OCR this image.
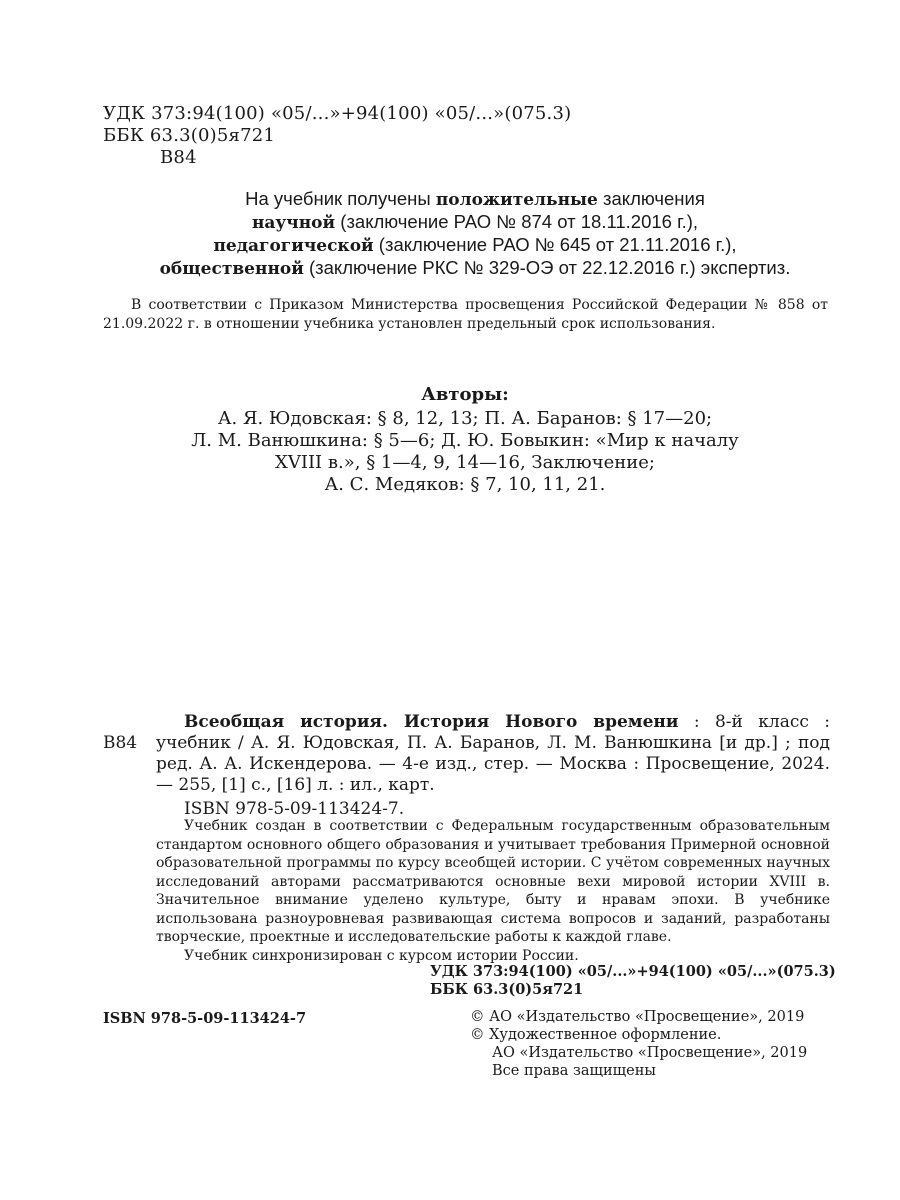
УДК 373:94(100) «05/...»+94(100) «05/...»(075.3)

ББК 63.3(0)5я721

В84

На учебник получены положительные заключения

научной (заключение РАО № 874 от 18.11.2016 г.),

педагогической (заключение РАО № 645 от 21.11.2016 г.),

общественной (заключение РКС № 329-ОЭ от 22.12.2016 г.) экспертиз.

В соответствии с Приказом Министерства просвещения Российской Федерации № 858 от 21.09.2022 г. в отношении учебника установлен предельный срок использования.

Авторы:

А. Я. Юдовская: § 8, 12, 13; П. А. Баранов: § 17—20;

Л. М. Ванюшкина: § 5—6; Д. Ю. Бовыкин: «Мир к началу

XVIII в.», § 1—4, 9, 14—16, Заключение;

А. С. Медяков: § 7, 10, 11, 21.

В84

Всеобщая история. История Нового времени : 8-й класс : учебник / А. Я. Юдовская, П. А. Баранов, Л. М. Ванюшкина [и др.] ; под ред. А. А. Искендерова. — 4-е изд., стер. — Москва : Просвещение, 2024. — 255, [1] с., [16] л. : ил., карт.

ISBN 978-5-09-113424-7.

Учебник создан в соответствии с Федеральным государственным образовательным стандартом основного общего образования и учитывает требования Примерной основной образовательной программы по курсу всеобщей истории. С учётом современных научных исследований авторами рассматриваются основные вехи мировой истории XVIII в. Значительное внимание уделено культуре, быту и нравам эпохи. В учебнике использована разноуровневая развивающая система вопросов и заданий, разработаны творческие, проектные и исследовательские работы к каждой главе.

Учебник синхронизирован с курсом истории России.

УДК 373:94(100) «05/...»+94(100) «05/...»(075.3)

ББК 63.3(0)5я721

ISBN 978-5-09-113424-7	© АО «Издательство «Просвещение», 2019

© Художественное оформление.

АО «Издательство «Просвещение», 2019

Все права защищены
